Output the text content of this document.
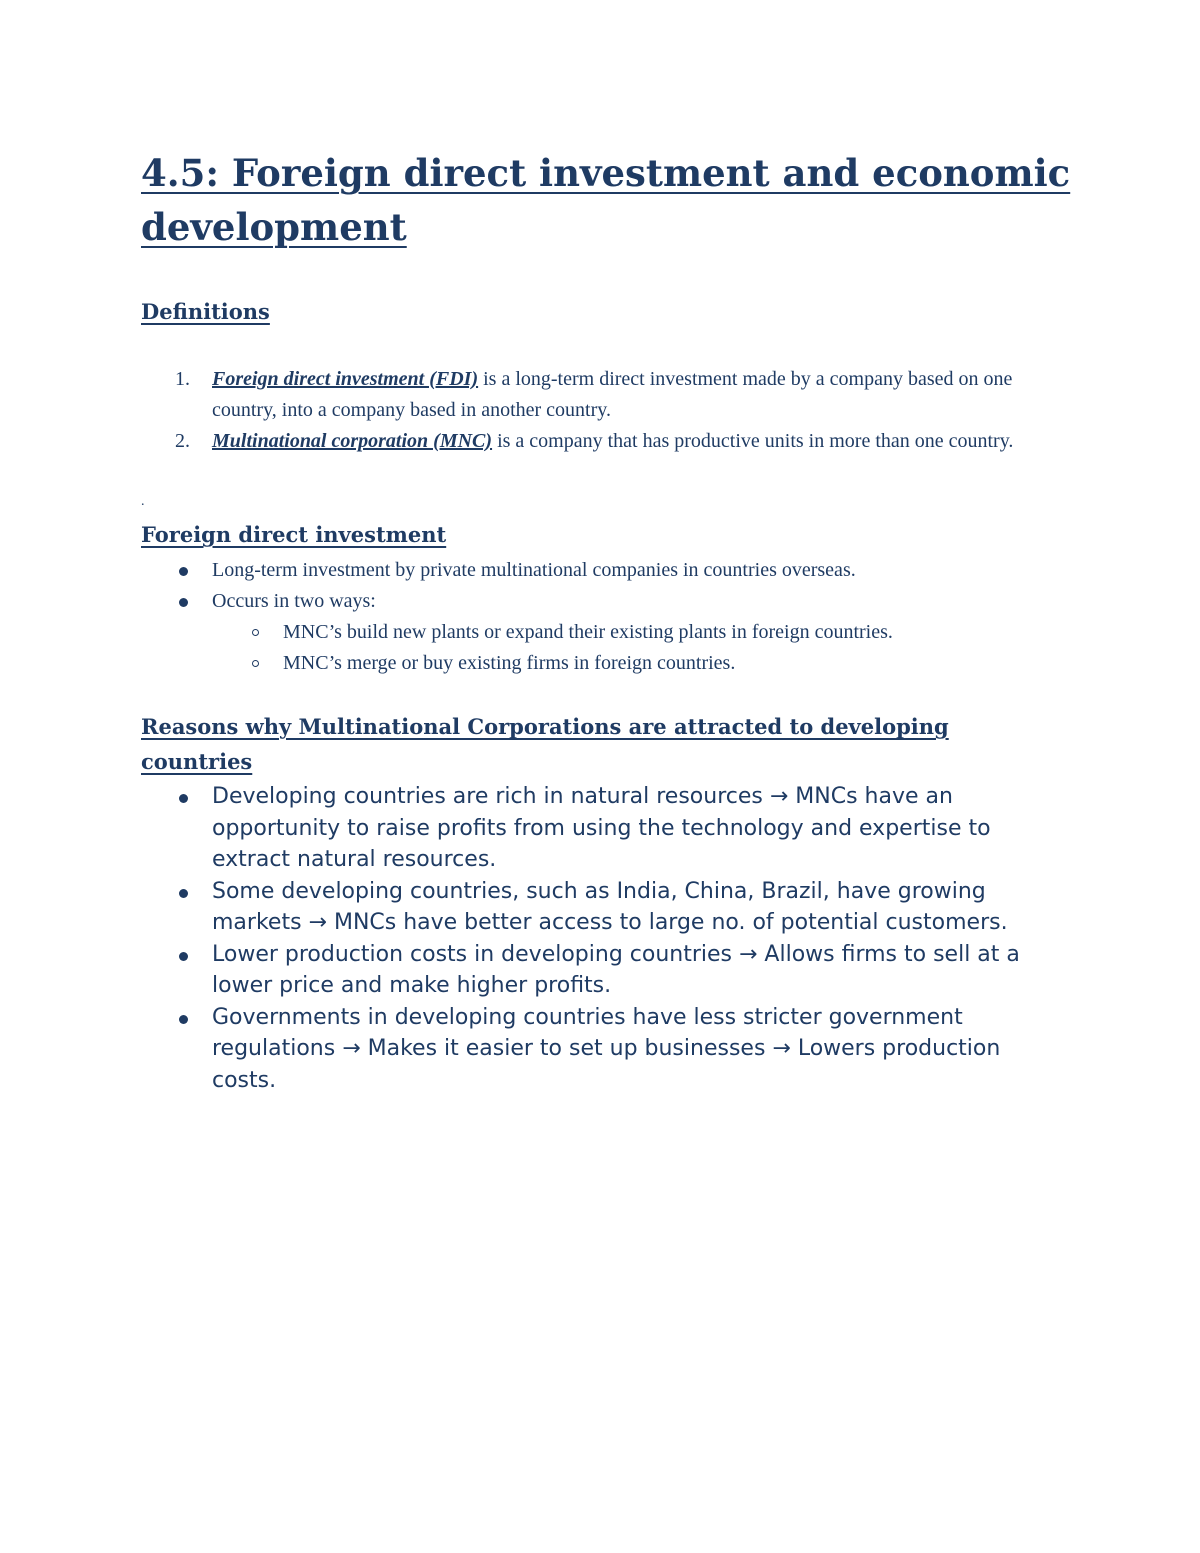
4.5: Foreign direct investment and economic development
Definitions
1. Foreign direct investment (FDI) is a long-term direct investment made by a company based on one country, into a company based in another country.
2. Multinational corporation (MNC) is a company that has productive units in more than one country.
.
Foreign direct investment
Long-term investment by private multinational companies in countries overseas.
Occurs in two ways:
MNC’s build new plants or expand their existing plants in foreign countries.
MNC’s merge or buy existing firms in foreign countries.
Reasons why Multinational Corporations are attracted to developing
countries
Developing countries are rich in natural resources → MNCs have an opportunity to raise profits from using the technology and expertise to extract natural resources.
Some developing countries, such as India, China, Brazil, have growing markets → MNCs have better access to large no. of potential customers.
Lower production costs in developing countries → Allows firms to sell at a lower price and make higher profits.
Governments in developing countries have less stricter government regulations → Makes it easier to set up businesses → Lowers production costs.
